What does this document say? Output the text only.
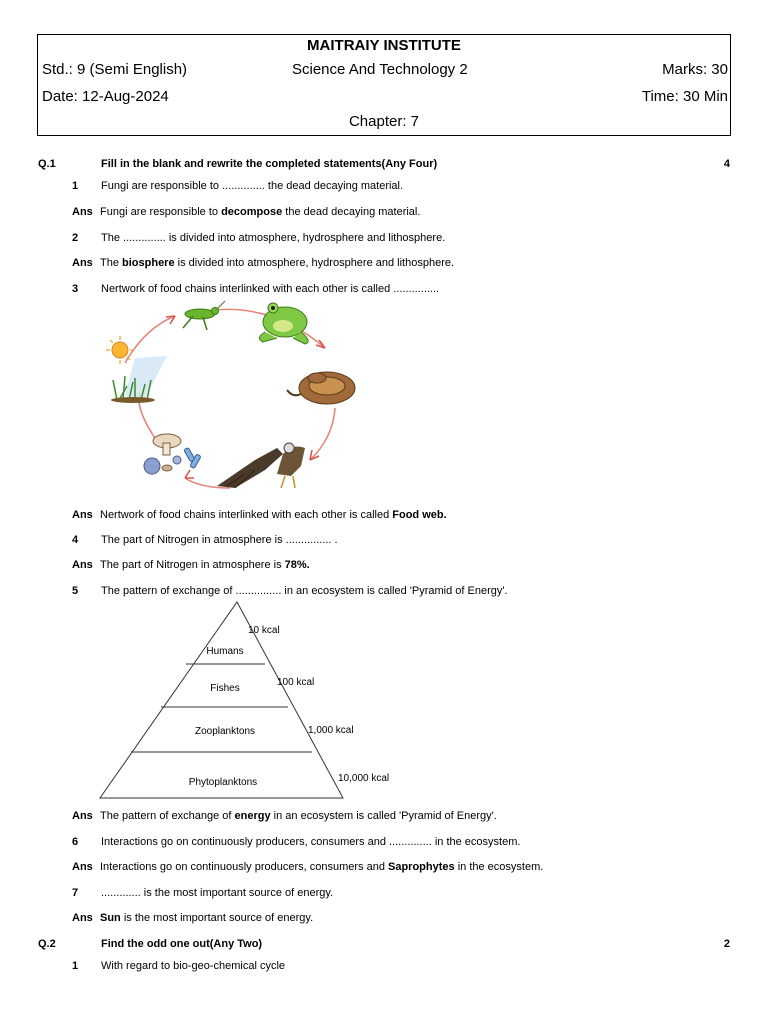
MAITRAIY INSTITUTE
Std.: 9 (Semi English)	Science And Technology 2	Marks: 30
Date: 12-Aug-2024	Time: 30 Min
Chapter: 7
Q.1	Fill in the blank and rewrite the completed statements(Any Four)	4
1 Fungi are responsible to .............. the dead decaying material.
Ans Fungi are responsible to decompose the dead decaying material.
2 The .............. is divided into atmosphere, hydrosphere and lithosphere.
Ans The biosphere is divided into atmosphere, hydrosphere and lithosphere.
3 Nertwork of food chains interlinked with each other is called ...............
Ans Nertwork of food chains interlinked with each other is called Food web.
4 The part of Nitrogen in atmosphere is ............... .
Ans The part of Nitrogen in atmosphere is 78%.
5 The pattern of exchange of ............... in an ecosystem is called 'Pyramid of Energy'.
Humans
Fishes
Zooplanktons
Phytoplanktons
10 kcal
100 kcal
1,000 kcal
10,000 kcal
Ans The pattern of exchange of energy in an ecosystem is called 'Pyramid of Energy'.
6 Interactions go on continuously producers, consumers and .............. in the ecosystem.
Ans Interactions go on continuously producers, consumers and Saprophytes in the ecosystem.
7 ............. is the most important source of energy.
Ans Sun is the most important source of energy.
Q.2	Find the odd one out(Any Two)	2
1 With regard to bio-geo-chemical cycle
